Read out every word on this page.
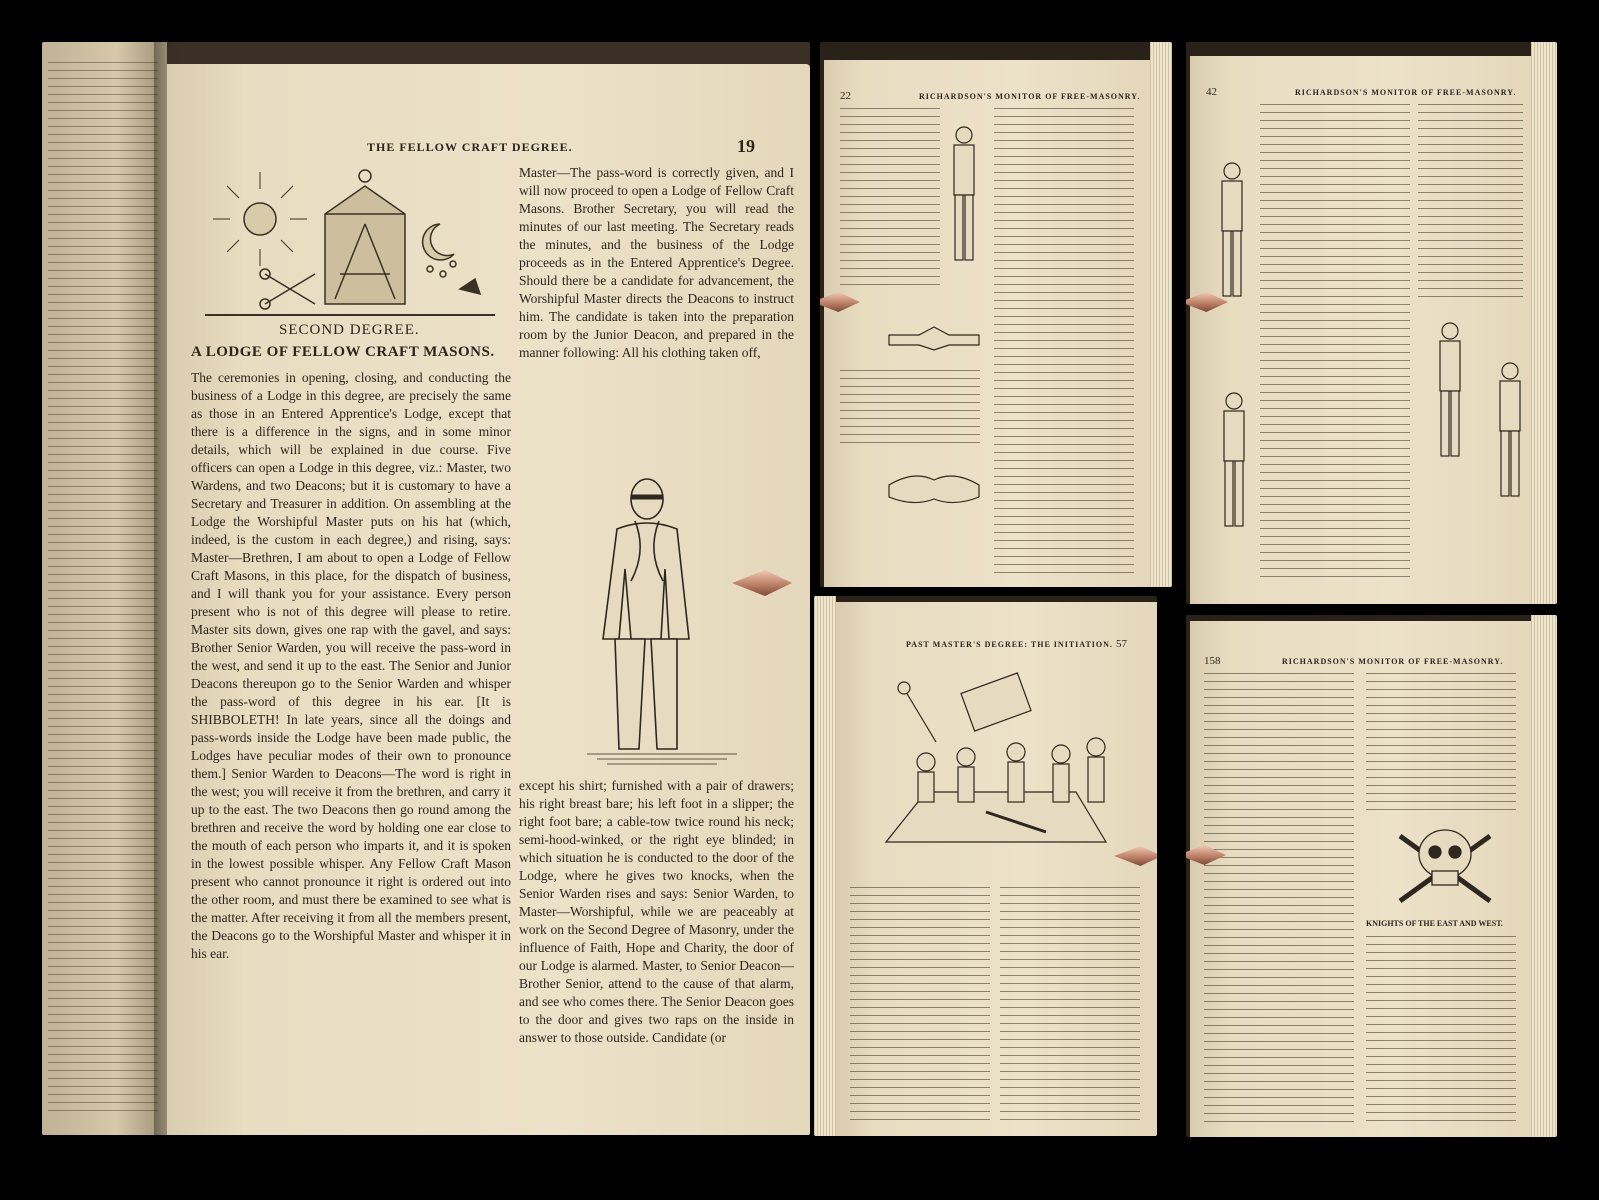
THE FELLOW CRAFT DEGREE.	19
SECOND DEGREE.
A LODGE OF FELLOW CRAFT MASONS.
The ceremonies in opening, closing, and conducting the business of a Lodge in this degree, are precisely the same as those in an Entered Apprentice's Lodge, except that there is a difference in the signs, and in some minor details, which will be explained in due course. Five officers can open a Lodge in this degree, viz.: Master, two Wardens, and two Deacons; but it is customary to have a Secretary and Treasurer in addition. On assembling at the Lodge the Worshipful Master puts on his hat (which, indeed, is the custom in each degree,) and rising, says: Master—Brethren, I am about to open a Lodge of Fellow Craft Masons, in this place, for the dispatch of business, and I will thank you for your assistance. Every person present who is not of this degree will please to retire. Master sits down, gives one rap with the gavel, and says: Brother Senior Warden, you will receive the pass-word in the west, and send it up to the east. The Senior and Junior Deacons thereupon go to the Senior Warden and whisper the pass-word of this degree in his ear. [It is SHIBBOLETH! In late years, since all the doings and pass-words inside the Lodge have been made public, the Lodges have peculiar modes of their own to pronounce them.] Senior Warden to Deacons—The word is right in the west; you will receive it from the brethren, and carry it up to the east. The two Deacons then go round among the brethren and receive the word by holding one ear close to the mouth of each person who imparts it, and it is spoken in the lowest possible whisper. Any Fellow Craft Mason present who cannot pronounce it right is ordered out into the other room, and must there be examined to see what is the matter. After receiving it from all the members present, the Deacons go to the Worshipful Master and whisper it in his ear.
Master—The pass-word is correctly given, and I will now proceed to open a Lodge of Fellow Craft Masons. Brother Secretary, you will read the minutes of our last meeting. The Secretary reads the minutes, and the business of the Lodge proceeds as in the Entered Apprentice's Degree. Should there be a candidate for advancement, the Worshipful Master directs the Deacons to instruct him. The candidate is taken into the preparation room by the Junior Deacon, and prepared in the manner following: All his clothing taken off,
except his shirt; furnished with a pair of drawers; his right breast bare; his left foot in a slipper; the right foot bare; a cable-tow twice round his neck; semi-hood-winked, or the right eye blinded; in which situation he is conducted to the door of the Lodge, where he gives two knocks, when the Senior Warden rises and says: Senior Warden, to Master—Worshipful, while we are peaceably at work on the Second Degree of Masonry, under the influence of Faith, Hope and Charity, the door of our Lodge is alarmed. Master, to Senior Deacon—Brother Senior, attend to the cause of that alarm, and see who comes there. The Senior Deacon goes to the door and gives two raps on the inside in answer to those outside. Candidate (or
22	RICHARDSON'S MONITOR OF FREE-MASONRY.	42	RICHARDSON'S MONITOR OF FREE-MASONRY.
PAST MASTER'S DEGREE: THE INITIATION. 57
158	RICHARDSON'S MONITOR OF FREE-MASONRY.
KNIGHTS OF THE EAST AND WEST.
